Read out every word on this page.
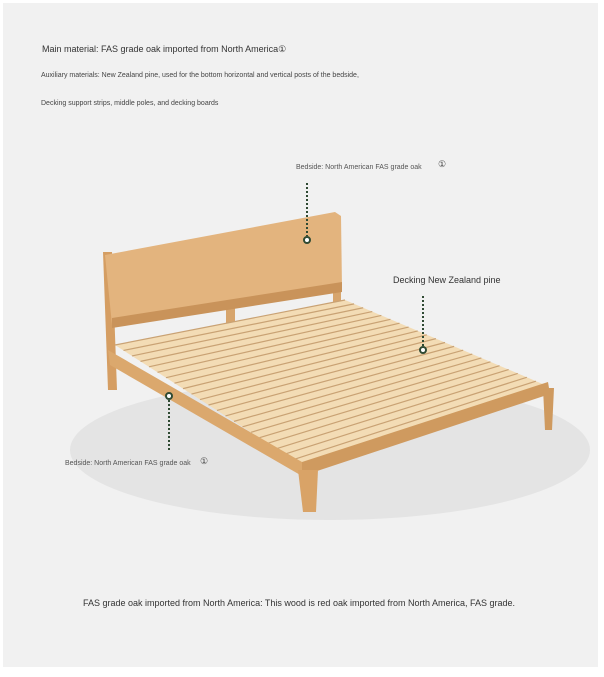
Main material: FAS grade oak imported from North America①
Auxiliary materials: New Zealand pine, used for the bottom horizontal and vertical posts of the bedside,
Decking support strips, middle poles, and decking boards
Bedside: North American FAS grade oak ①
Decking New Zealand pine
Bedside: North American FAS grade oak ①
FAS grade oak imported from North America: This wood is red oak imported from North America, FAS grade.
